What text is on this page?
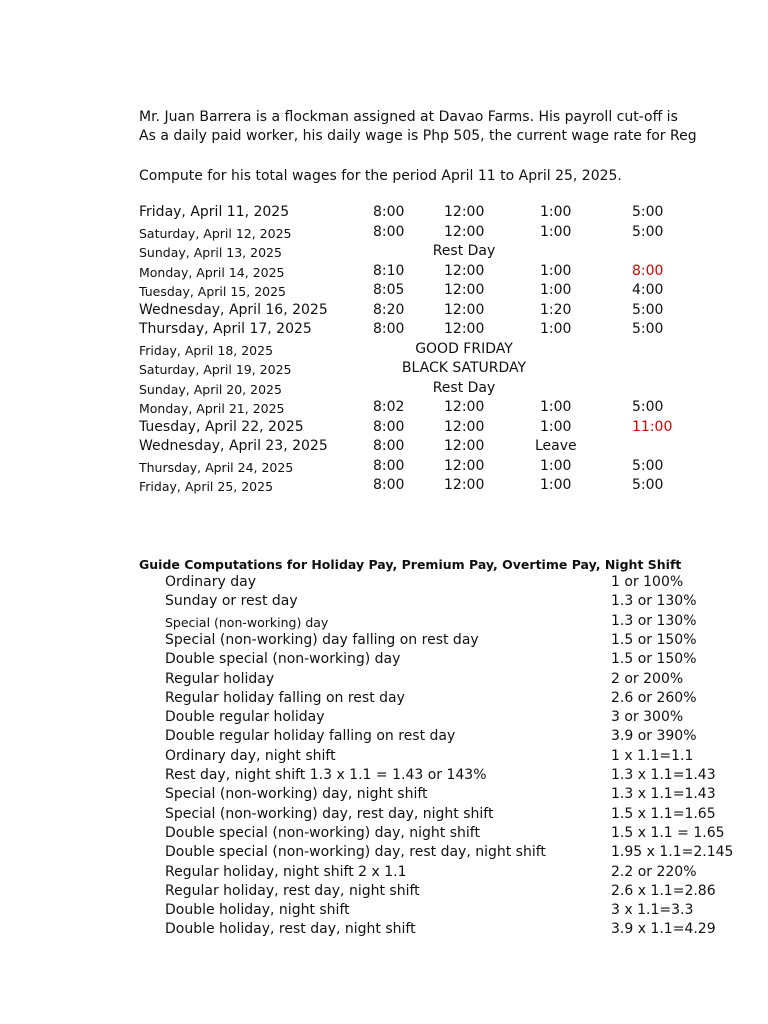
Mr. Juan Barrera is a flockman assigned at Davao Farms. His payroll cut-off is
As a daily paid worker, his daily wage is Php 505, the current wage rate for Reg
Compute for his total wages for the period April 11 to April 25, 2025.
Friday, April 11, 2025	8:00	12:00	1:00	5:00
Saturday, April 12, 2025	8:00	12:00	1:00	5:00
Sunday, April 13, 2025	Rest Day
Monday, April 14, 2025	8:10	12:00	1:00	8:00
Tuesday, April 15, 2025	8:05	12:00	1:00	4:00
Wednesday, April 16, 2025	8:20	12:00	1:20	5:00
Thursday, April 17, 2025	8:00	12:00	1:00	5:00
Friday, April 18, 2025	GOOD FRIDAY
Saturday, April 19, 2025	BLACK SATURDAY
Sunday, April 20, 2025	Rest Day
Monday, April 21, 2025	8:02	12:00	1:00	5:00
Tuesday, April 22, 2025	8:00	12:00	1:00	11:00
Wednesday, April 23, 2025	8:00	12:00	Leave
Thursday, April 24, 2025	8:00	12:00	1:00	5:00
Friday, April 25, 2025	8:00	12:00	1:00	5:00
Guide Computations for Holiday Pay, Premium Pay, Overtime Pay, Night Shift
Ordinary day	1 or 100%
Sunday or rest day	1.3 or 130%
Special (non-working) day	1.3 or 130%
Special (non-working) day falling on rest day	1.5 or 150%
Double special (non-working) day	1.5 or 150%
Regular holiday	2 or 200%
Regular holiday falling on rest day	2.6 or 260%
Double regular holiday	3 or 300%
Double regular holiday falling on rest day	3.9 or 390%
Ordinary day, night shift	1 x 1.1=1.1
Rest day, night shift 1.3 x 1.1 = 1.43 or 143%	1.3 x 1.1=1.43
Special (non-working) day, night shift	1.3 x 1.1=1.43
Special (non-working) day, rest day, night shift	1.5 x 1.1=1.65
Double special (non-working) day, night shift	1.5 x 1.1 = 1.65
Double special (non-working) day, rest day, night shift	1.95 x 1.1=2.145
Regular holiday, night shift 2 x 1.1	2.2 or 220%
Regular holiday, rest day, night shift	2.6 x 1.1=2.86
Double holiday, night shift	3 x 1.1=3.3
Double holiday, rest day, night shift	3.9 x 1.1=4.29
